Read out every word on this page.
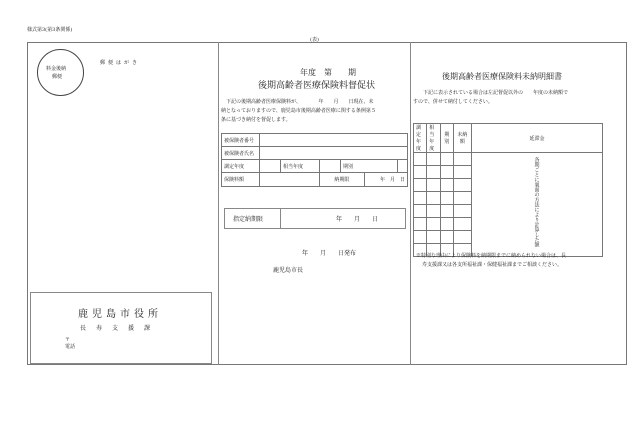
様式第3(第3条関係)
(表)
料金後納
郵便
郵便はがき
鹿児島市役所
長寿支援課
〒
電話
年度　第　　期
後期高齢者医療保険料督促状
下記の後期高齢者医療保険料が、　　　　年　　月　　日現在、未
納となっておりますので、鹿児島市後期高齢者医療に関する条例第５
条に基づき納付を督促します。
被保険者番号						
被保険者氏名						
調定年度		相当年度		期別		
保険料額			納期限		年　月　日	
指定納期限	年　　月　　日
年　　月　　日発布
鹿児島市長
後期高齢者医療保険料未納明細書
下記に表示されている場合は左記督促以外の　　年度の未納額で
すので、併せて納付してください。
調定年度	相当年度	期別	未納額	延滞金

				各期ごとに裏面の方法により計算した額

※特別な理由により保険料を納期限までに納められない場合は、長
寿支援課又は各支所福祉課・保健福祉課までご相談ください。
